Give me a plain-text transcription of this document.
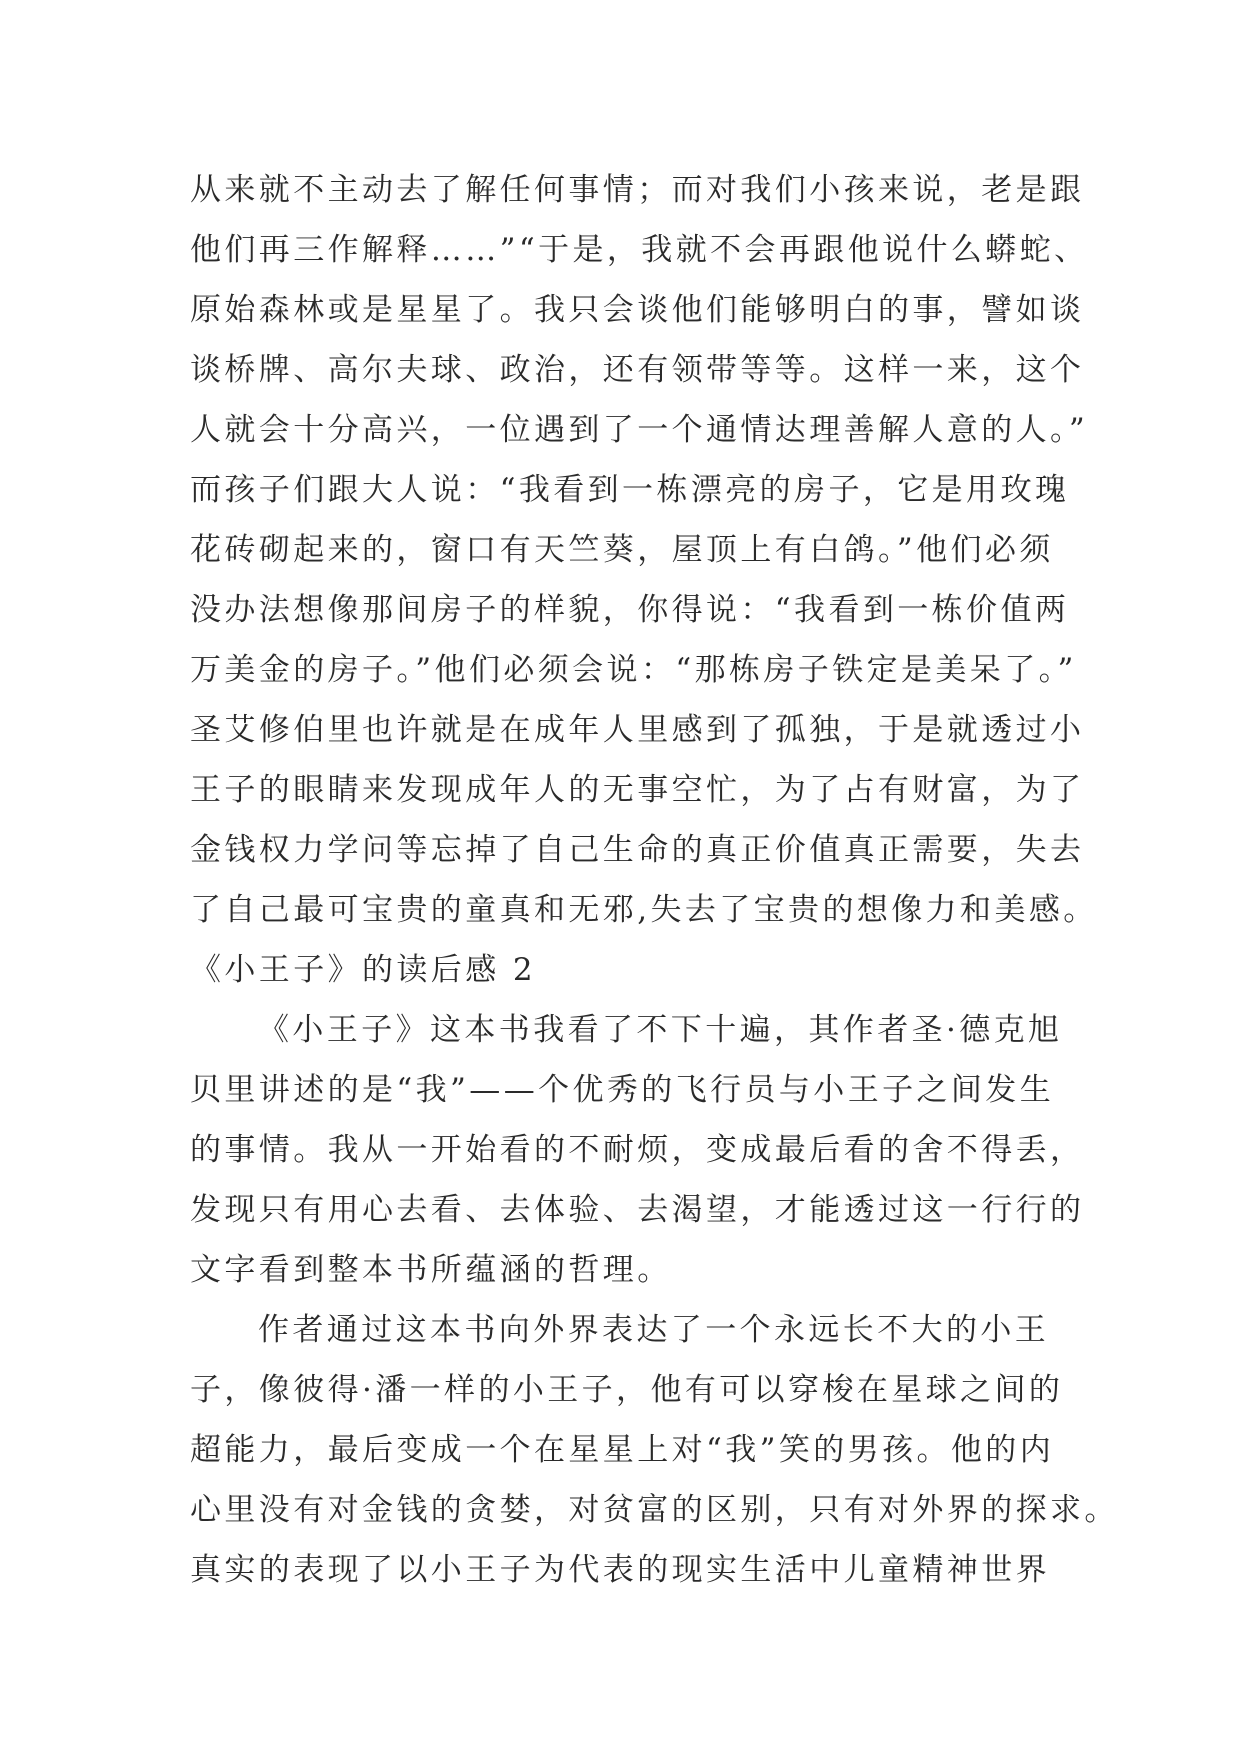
从来就不主动去了解任何事情；而对我们小孩来说，老是跟
他们再三作解释……”“于是，我就不会再跟他说什么蟒蛇、
原始森林或是星星了。我只会谈他们能够明白的事，譬如谈
谈桥牌、高尔夫球、政治，还有领带等等。这样一来，这个
人就会十分高兴，一位遇到了一个通情达理善解人意的人。”
而孩子们跟大人说：“我看到一栋漂亮的房子，它是用玫瑰
花砖砌起来的，窗口有天竺葵，屋顶上有白鸽。”他们必须
没办法想像那间房子的样貌，你得说：“我看到一栋价值两
万美金的房子。”他们必须会说：“那栋房子铁定是美呆了。”
圣艾修伯里也许就是在成年人里感到了孤独，于是就透过小
王子的眼睛来发现成年人的无事空忙，为了占有财富，为了
金钱权力学问等忘掉了自己生命的真正价值真正需要，失去
了自己最可宝贵的童真和无邪,失去了宝贵的想像力和美感。
《小王子》的读后感 2
《小王子》这本书我看了不下十遍，其作者圣·德克旭
贝里讲述的是“我”——个优秀的飞行员与小王子之间发生
的事情。我从一开始看的不耐烦，变成最后看的舍不得丢，
发现只有用心去看、去体验、去渴望，才能透过这一行行的
文字看到整本书所蕴涵的哲理。
作者通过这本书向外界表达了一个永远长不大的小王
子，像彼得·潘一样的小王子，他有可以穿梭在星球之间的
超能力，最后变成一个在星星上对“我”笑的男孩。他的内
心里没有对金钱的贪婪，对贫富的区别，只有对外界的探求。
真实的表现了以小王子为代表的现实生活中儿童精神世界
